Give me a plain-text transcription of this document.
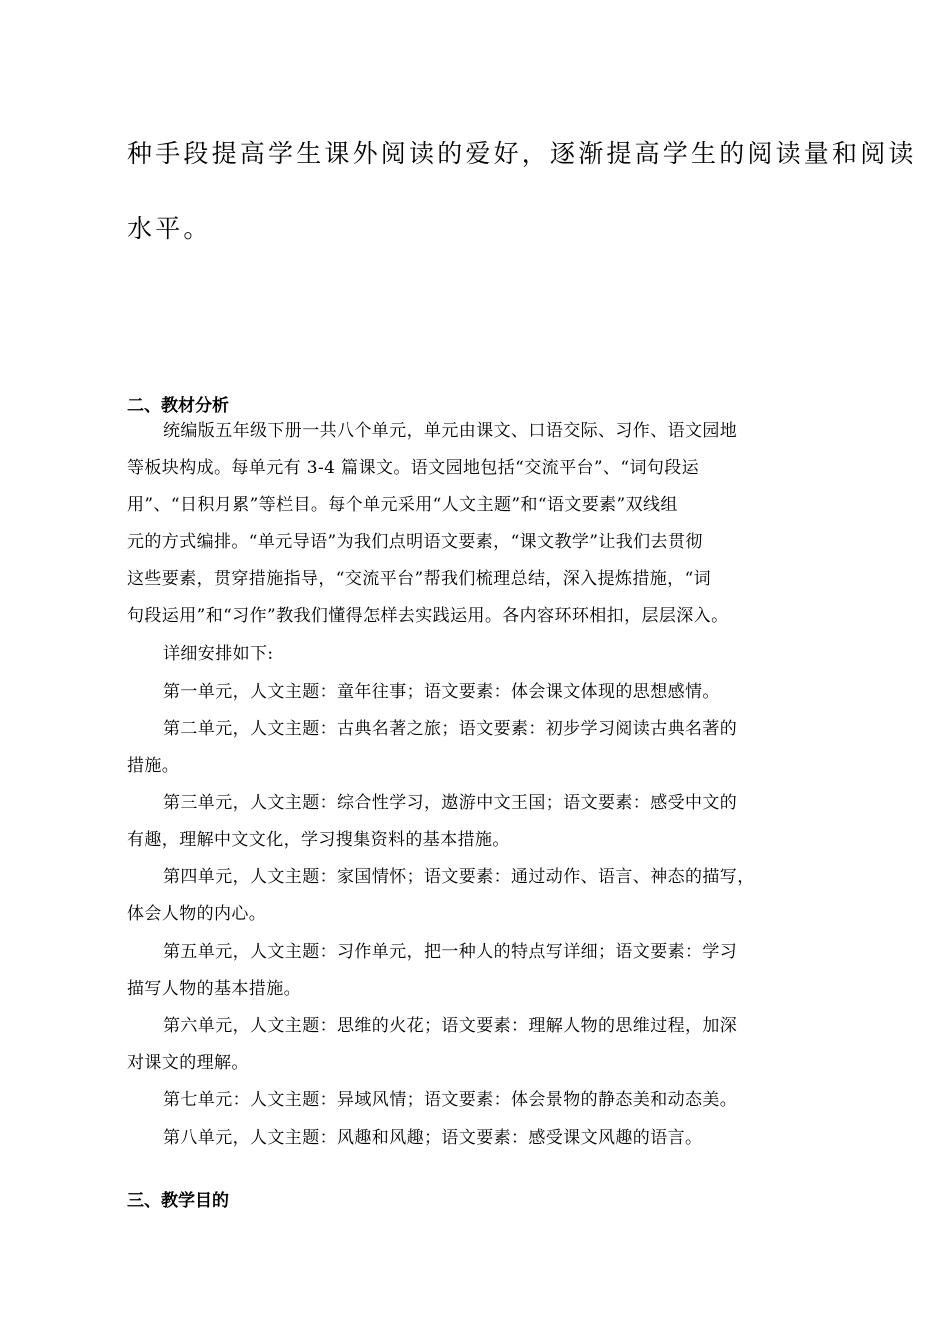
种手段提高学生课外阅读的爱好，逐渐提高学生的阅读量和阅读
水平。
二、教材分析
统编版五年级下册一共八个单元，单元由课文、口语交际、习作、语文园地
等板块构成。每单元有 3-4 篇课文。语文园地包括“交流平台”、“词句段运
用”、“日积月累”等栏目。每个单元采用“人文主题”和“语文要素”双线组
元的方式编排。“单元导语”为我们点明语文要素，“课文教学”让我们去贯彻
这些要素，贯穿措施指导，“交流平台”帮我们梳理总结，深入提炼措施，“词
句段运用”和“习作”教我们懂得怎样去实践运用。各内容环环相扣，层层深入。
详细安排如下:
第一单元，人文主题：童年往事；语文要素：体会课文体现的思想感情。
第二单元，人文主题：古典名著之旅；语文要素：初步学习阅读古典名著的
措施。
第三单元，人文主题：综合性学习，遨游中文王国；语文要素：感受中文的
有趣，理解中文文化，学习搜集资料的基本措施。
第四单元，人文主题：家国情怀；语文要素：通过动作、语言、神态的描写，
体会人物的内心。
第五单元，人文主题：习作单元，把一种人的特点写详细；语文要素：学习
描写人物的基本措施。
第六单元，人文主题：思维的火花；语文要素：理解人物的思维过程，加深
对课文的理解。
第七单元：人文主题：异域风情；语文要素：体会景物的静态美和动态美。
第八单元，人文主题：风趣和风趣；语文要素：感受课文风趣的语言。
三、教学目的
